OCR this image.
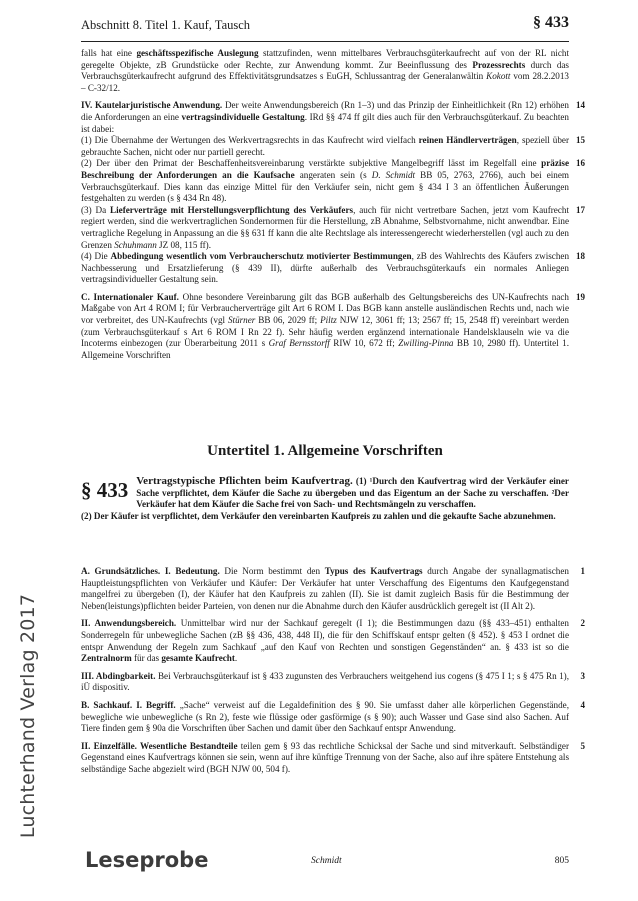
Abschnitt 8. Titel 1. Kauf, Tausch	§ 433

falls hat eine geschäftsspezifische Auslegung stattzufinden, wenn mittelbares Verbrauchsgüterkaufrecht auf von der RL nicht geregelte Objekte, zB Grundstücke oder Rechte, zur Anwendung kommt. Zur Beeinflussung des Prozessrechts durch das Verbrauchsgüterkaufrecht aufgrund des Effektivitätsgrundsatzes s EuGH, Schlussantrag der Generalanwältin Kokott vom 28.2.2013 – C-32/12.

14
IV. Kautelarjuristische Anwendung. Der weite Anwendungsbereich (Rn 1–3) und das Prinzip der Einheitlichkeit (Rn 12) erhöhen die Anforderungen an eine vertragsindividuelle Gestaltung. IRd §§ 474 ff gilt dies auch für den Verbrauchsgüterkauf. Zu beachten ist dabei:

15
(1) Die Übernahme der Wertungen des Werkvertragsrechts in das Kaufrecht wird vielfach reinen Händlerverträgen, speziell über gebrauchte Sachen, nicht oder nur partiell gerecht.

16
(2) Der über den Primat der Beschaffenheitsvereinbarung verstärkte subjektive Mangelbegriff lässt im Regelfall eine präzise Beschreibung der Anforderungen an die Kaufsache angeraten sein (s D. Schmidt BB 05, 2763, 2766), auch bei einem Verbrauchsgüterkauf. Dies kann das einzige Mittel für den Verkäufer sein, nicht gem § 434 I 3 an öffentlichen Äußerungen festgehalten zu werden (s § 434 Rn 48).

17
(3) Da Lieferverträge mit Herstellungsverpflichtung des Verkäufers, auch für nicht vertretbare Sachen, jetzt vom Kaufrecht regiert werden, sind die werkvertraglichen Sondernormen für die Herstellung, zB Abnahme, Selbstvornahme, nicht anwendbar. Eine vertragliche Regelung in Anpassung an die §§ 631 ff kann die alte Rechtslage als interessengerecht wiederherstellen (vgl auch zu den Grenzen Schuhmann JZ 08, 115 ff).

18
(4) Die Abbedingung wesentlich vom Verbraucherschutz motivierter Bestimmungen, zB des Wahlrechts des Käufers zwischen Nachbesserung und Ersatzlieferung (§ 439 II), dürfte außerhalb des Verbrauchsgüterkaufs ein normales Anliegen vertragsindividueller Gestaltung sein.

19
C. Internationaler Kauf. Ohne besondere Vereinbarung gilt das BGB außerhalb des Geltungsbereichs des UN-Kaufrechts nach Maßgabe von Art 4 ROM I; für Verbraucherverträge gilt Art 6 ROM I. Das BGB kann anstelle ausländischen Rechts und, nach wie vor verbreitet, des UN-Kaufrechts (vgl Stürner BB 06, 2029 ff; Piltz NJW 12, 3061 ff; 13; 2567 ff; 15, 2548 ff) vereinbart werden (zum Verbrauchsgüterkauf s Art 6 ROM I Rn 22 f). Sehr häufig werden ergänzend internationale Handelsklauseln wie va die Incoterms einbezogen (zur Überarbeitung 2011 s Graf Bernsstorff RIW 10, 672 ff; Zwilling-Pinna BB 10, 2980 ff). Untertitel 1. Allgemeine Vorschriften

Untertitel 1. Allgemeine Vorschriften
§ 433 Vertragstypische Pflichten beim Kaufvertrag. (1) ¹Durch den Kaufvertrag wird der Verkäufer einer Sache verpflichtet, dem Käufer die Sache zu übergeben und das Eigentum an der Sache zu verschaffen. ²Der Verkäufer hat dem Käufer die Sache frei von Sach- und Rechtsmängeln zu verschaffen.
(2) Der Käufer ist verpflichtet, dem Verkäufer den vereinbarten Kaufpreis zu zahlen und die gekaufte Sache abzunehmen.

1
A. Grundsätzliches. I. Bedeutung. Die Norm bestimmt den Typus des Kaufvertrags durch Angabe der synallagmatischen Hauptleistungspflichten von Verkäufer und Käufer: Der Verkäufer hat unter Verschaffung des Eigentums den Kaufgegenstand mangelfrei zu übergeben (I), der Käufer hat den Kaufpreis zu zahlen (II). Sie ist damit zugleich Basis für die Bestimmung der Neben(leistungs)pflichten beider Parteien, von denen nur die Abnahme durch den Käufer ausdrücklich geregelt ist (II Alt 2).

2
II. Anwendungsbereich. Unmittelbar wird nur der Sachkauf geregelt (I 1); die Bestimmungen dazu (§§ 433–451) enthalten Sonderregeln für unbewegliche Sachen (zB §§ 436, 438, 448 II), die für den Schiffskauf entspr gelten (§ 452). § 453 I ordnet die entspr Anwendung der Regeln zum Sachkauf „auf den Kauf von Rechten und sonstigen Gegenständen“ an. § 433 ist so die Zentralnorm für das gesamte Kaufrecht.

3
III. Abdingbarkeit. Bei Verbrauchsgüterkauf ist § 433 zugunsten des Verbrauchers weitgehend ius cogens (§ 475 I 1; s § 475 Rn 1), iÜ dispositiv.

4
B. Sachkauf. I. Begriff. „Sache“ verweist auf die Legaldefinition des § 90. Sie umfasst daher alle körperlichen Gegenstände, bewegliche wie unbewegliche (s Rn 2), feste wie flüssige oder gasförmige (s § 90); auch Wasser und Gase sind also Sachen. Auf Tiere finden gem § 90a die Vorschriften über Sachen und damit über den Sachkauf entspr Anwendung.

5
II. Einzelfälle. Wesentliche Bestandteile teilen gem § 93 das rechtliche Schicksal der Sache und sind mitverkauft. Selbständiger Gegenstand eines Kaufvertrags können sie sein, wenn auf ihre künftige Trennung von der Sache, also auf ihre spätere Entstehung als selbständige Sache abgezielt wird (BGH NJW 00, 504 f).

Luchterhand Verlag 2017
Leseprobe	Schmidt	805
